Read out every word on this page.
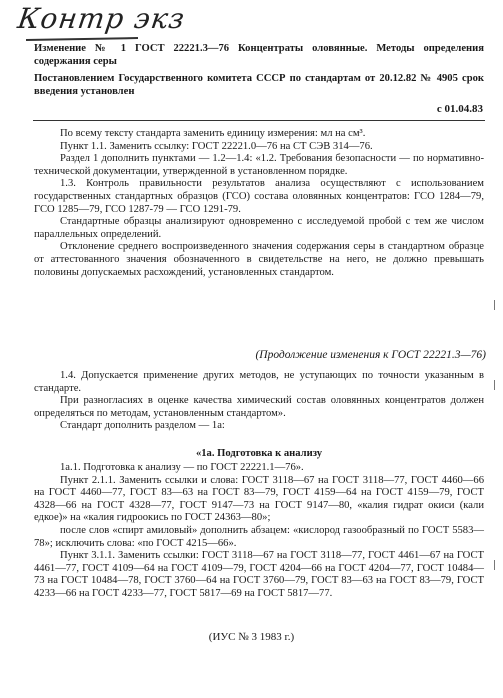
Контр экз
Изменение № 1 ГОСТ 22221.3—76 Концентраты оловянные. Методы определения содержания серы
Постановлением Государственного комитета СССР по стандартам от 20.12.82 № 4905 срок введения установлен
с 01.04.83

По всему тексту стандарта заменить единицу измерения: мл на см³.

Пункт 1.1. Заменить ссылку: ГОСТ 22221.0—76 на СТ СЭВ 314—76.

Раздел 1 дополнить пунктами — 1.2—1.4: «1.2. Требования безопасности — по нормативно-технической документации, утвержденной в установленном порядке.

1.3. Контроль правильности результатов анализа осуществляют с использованием государственных стандартных образцов (ГСО) состава оловянных концентратов: ГСО 1284—79, ГСО 1285—79, ГСО 1287-79 — ГСО 1291-79.

Стандартные образцы анализируют одновременно с исследуемой пробой с тем же числом параллельных определений.

Отклонение среднего воспроизведенного значения содержания серы в стандартном образце от аттестованного значения обозначенного в свидетельстве на него, не должно превышать половины допускаемых расхождений, установленных стандартом.

(Продолжение изменения к ГОСТ 22221.3—76)

1.4. Допускается применение других методов, не уступающих по точности указанным в стандарте.

При разногласиях в оценке качества химический состав оловянных концентратов должен определяться по методам, установленным стандартом».

Стандарт дополнить разделом — 1а:

«1а. Подготовка к анализу

1а.1. Подготовка к анализу — по ГОСТ 22221.1—76».

Пункт 2.1.1. Заменить ссылки и слова: ГОСТ 3118—67 на ГОСТ 3118—77, ГОСТ 4460—66 на ГОСТ 4460—77, ГОСТ 83—63 на ГОСТ 83—79, ГОСТ 4159—64 на ГОСТ 4159—79, ГОСТ 4328—66 на ГОСТ 4328—77, ГОСТ 9147—73 на ГОСТ 9147—80, «калия гидрат окиси (кали едкое)» на «калия гидроокись по ГОСТ 24363—80»;

после слов «спирт амиловый» дополнить абзацем: «кислород газообразный по ГОСТ 5583—78»; исключить слова: «по ГОСТ 4215—66».

Пункт 3.1.1. Заменить ссылки: ГОСТ 3118—67 на ГОСТ 3118—77, ГОСТ 4461—67 на ГОСТ 4461—77, ГОСТ 4109—64 на ГОСТ 4109—79, ГОСТ 4204—66 на ГОСТ 4204—77, ГОСТ 10484—73 на ГОСТ 10484—78, ГОСТ 3760—64 на ГОСТ 3760—79, ГОСТ 83—63 на ГОСТ 83—79, ГОСТ 4233—66 на ГОСТ 4233—77, ГОСТ 5817—69 на ГОСТ 5817—77.

(ИУС № 3 1983 г.)
